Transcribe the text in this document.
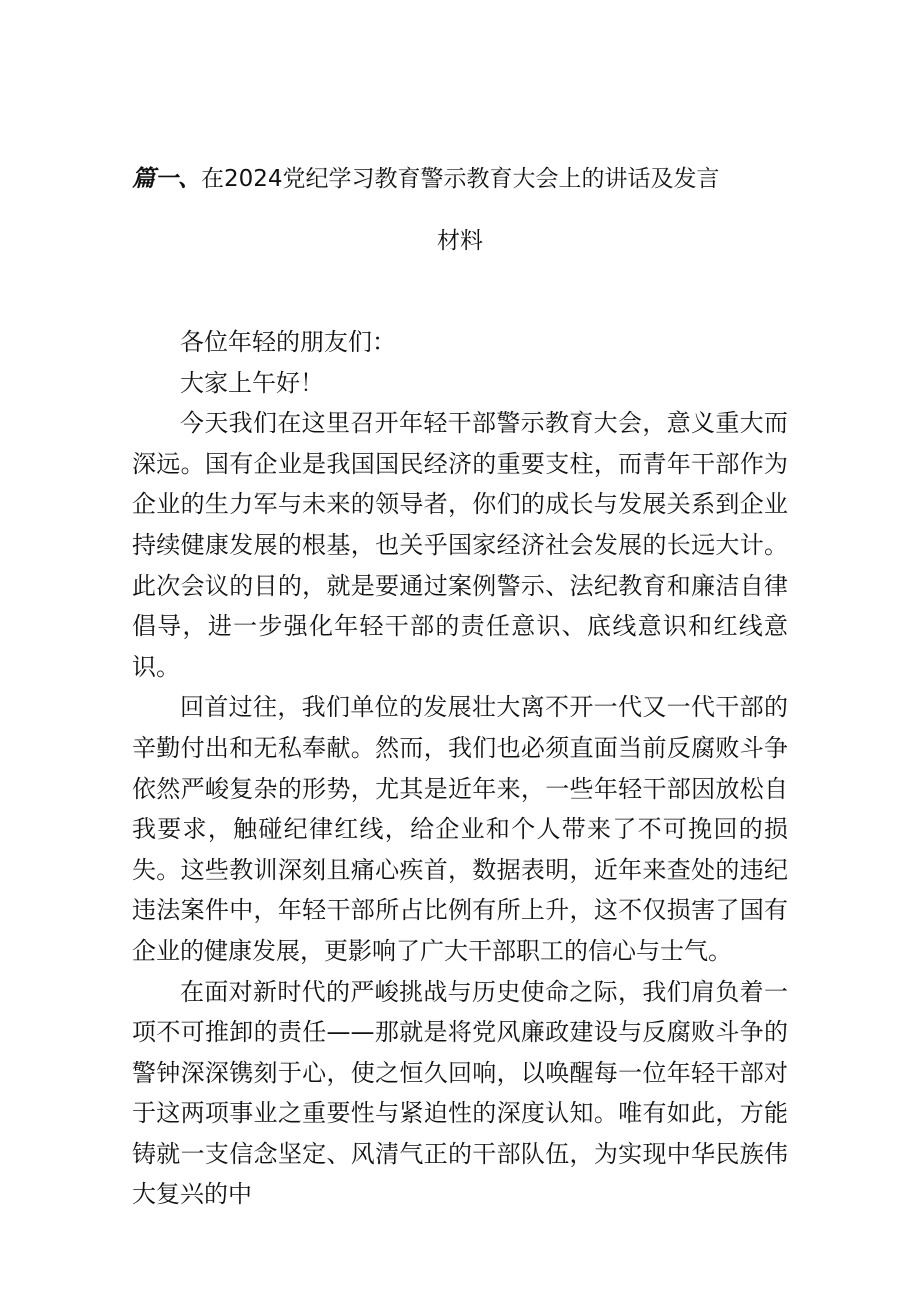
篇一、在2024党纪学习教育警示教育大会上的讲话及发言
材料

各位年轻的朋友们：

大家上午好！

今天我们在这里召开年轻干部警示教育大会，意义重大而深远。国有企业是我国国民经济的重要支柱，而青年干部作为企业的生力军与未来的领导者，你们的成长与发展关系到企业持续健康发展的根基，也关乎国家经济社会发展的长远大计。此次会议的目的，就是要通过案例警示、法纪教育和廉洁自律倡导，进一步强化年轻干部的责任意识、底线意识和红线意识。

回首过往，我们单位的发展壮大离不开一代又一代干部的辛勤付出和无私奉献。然而，我们也必须直面当前反腐败斗争依然严峻复杂的形势，尤其是近年来，一些年轻干部因放松自我要求，触碰纪律红线，给企业和个人带来了不可挽回的损失。这些教训深刻且痛心疾首，数据表明，近年来查处的违纪违法案件中，年轻干部所占比例有所上升，这不仅损害了国有企业的健康发展，更影响了广大干部职工的信心与士气。

在面对新时代的严峻挑战与历史使命之际，我们肩负着一项不可推卸的责任——那就是将党风廉政建设与反腐败斗争的警钟深深镌刻于心，使之恒久回响，以唤醒每一位年轻干部对于这两项事业之重要性与紧迫性的深度认知。唯有如此，方能铸就一支信念坚定、风清气正的干部队伍，为实现中华民族伟大复兴的中
